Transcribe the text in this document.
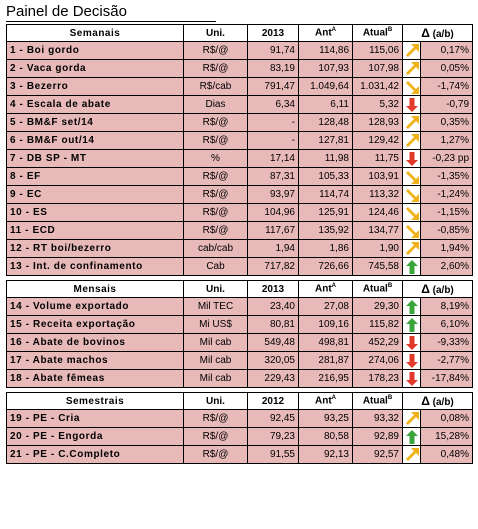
Painel de Decisão
Semanais	Uni.	2013	Ant$^A$	Atual$^B$	Δ (a/b)	
1 - Boi gordo	R$/@	91,74	114,86	115,06		0,17%
2 - Vaca gorda	R$/@	83,19	107,93	107,98		0,05%
3 - Bezerro	R$/cab	791,47	1.049,64	1.031,42		-1,74%
4 - Escala de abate	Dias	6,34	6,11	5,32		-0,79
5 - BM&F set/14	R$/@	-	128,48	128,93		0,35%
6 - BM&F out/14	R$/@	-	127,81	129,42		1,27%
7 - DB SP - MT	%	17,14	11,98	11,75		-0,23 pp
8 - EF	R$/@	87,31	105,33	103,91		-1,35%
9 - EC	R$/@	93,97	114,74	113,32		-1,24%
10 - ES	R$/@	104,96	125,91	124,46		-1,15%
11 - ECD	R$/@	117,67	135,92	134,77		-0,85%
12 - RT boi/bezerro	cab/cab	1,94	1,86	1,90		1,94%
13 - Int. de confinamento	Cab	717,82	726,66	745,58		2,60%

Mensais	Uni.	2013	Ant$^A$	Atual$^B$	Δ (a/b)	
14 - Volume exportado	Mil TEC	23,40	27,08	29,30		8,19%
15 - Receita exportação	Mi US$	80,81	109,16	115,82		6,10%
16 - Abate de bovinos	Mil cab	549,48	498,81	452,29		-9,33%
17 - Abate machos	Mil cab	320,05	281,87	274,06		-2,77%
18 - Abate fêmeas	Mil cab	229,43	216,95	178,23		-17,84%

Semestrais	Uni.	2012	Ant$^A$	Atual$^B$	Δ (a/b)	
19 - PE - Cria	R$/@	92,45	93,25	93,32		0,08%
20 - PE - Engorda	R$/@	79,23	80,58	92,89		15,28%
21 - PE - C.Completo	R$/@	91,55	92,13	92,57		0,48%
